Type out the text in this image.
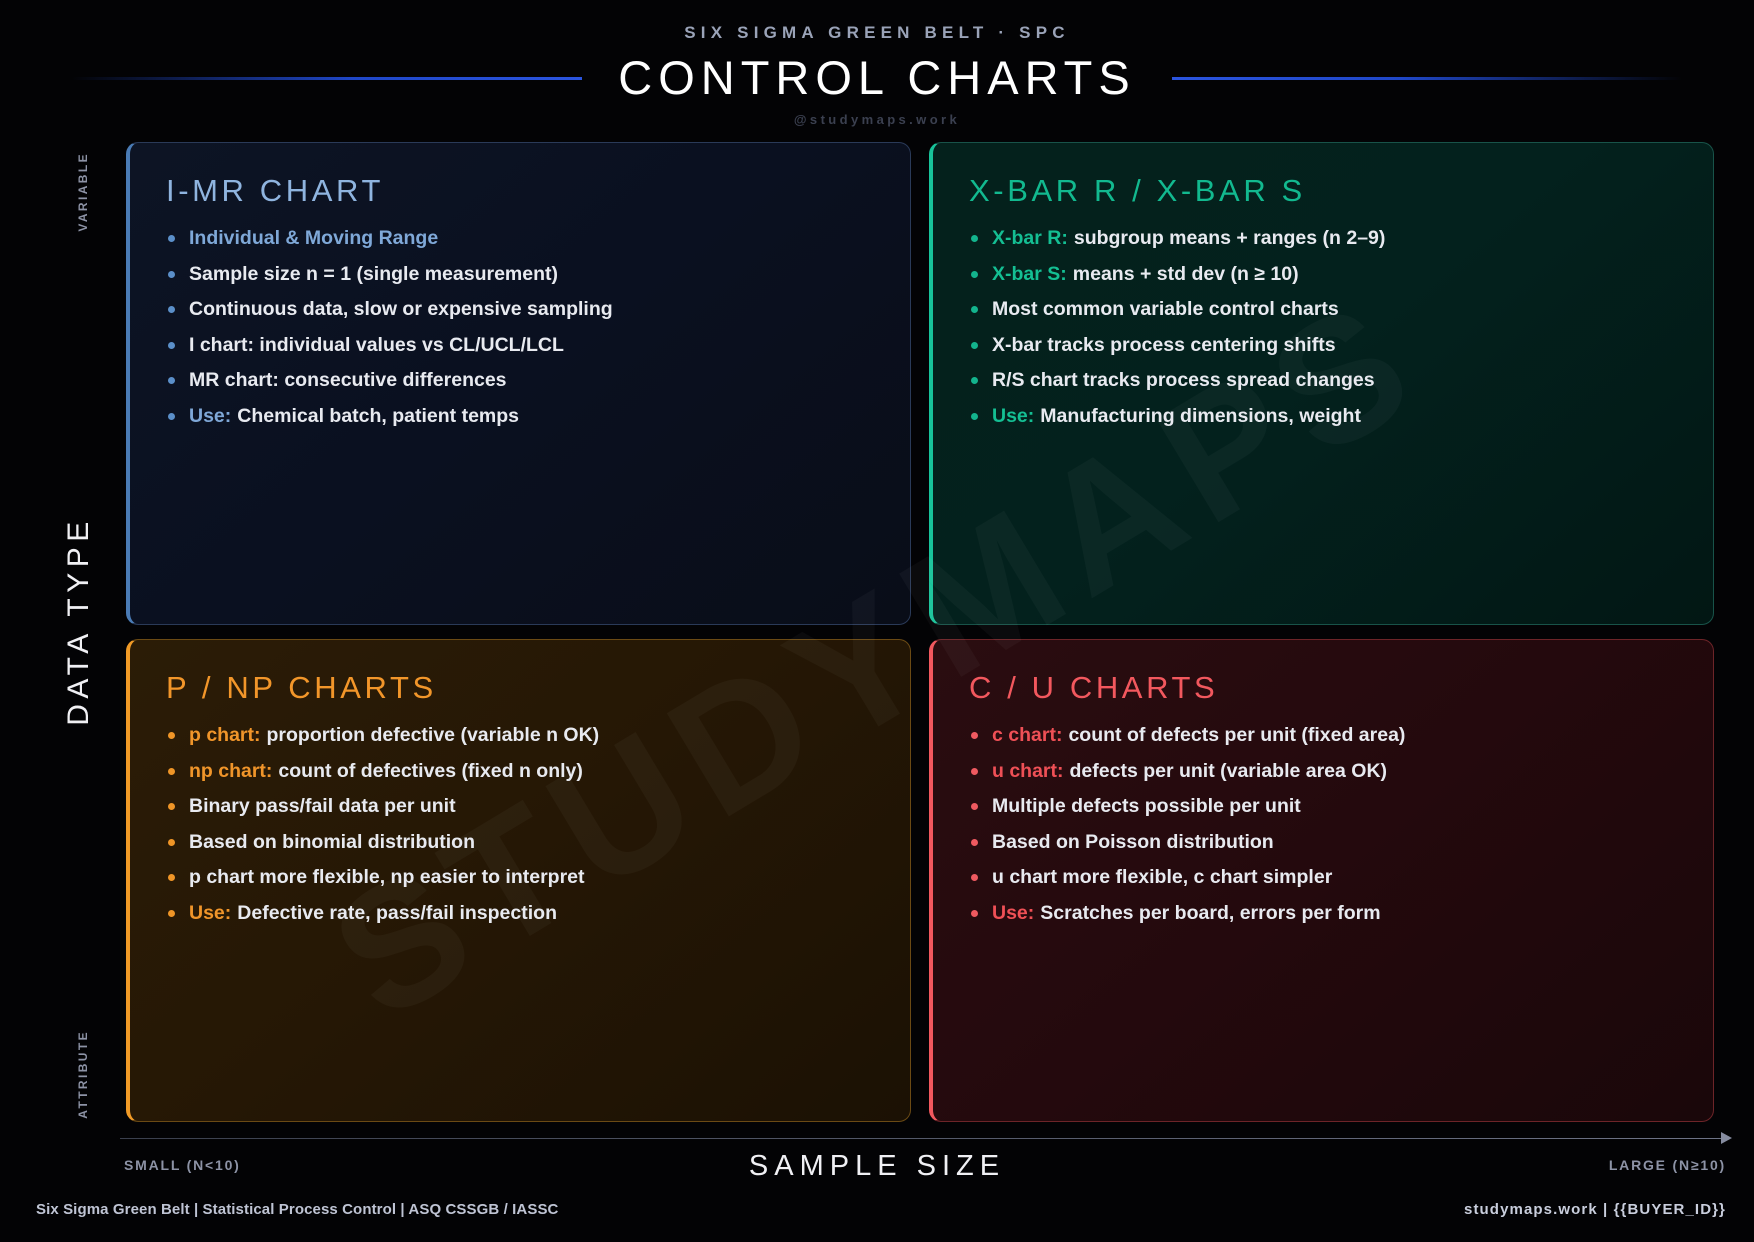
SIX SIGMA GREEN BELT · SPC
CONTROL CHARTS
@studymaps.work
DATA TYPE
VARIABLE
ATTRIBUTE
I-MR CHART
Individual & Moving Range
Sample size n = 1 (single measurement)
Continuous data, slow or expensive sampling
I chart: individual values vs CL/UCL/LCL
MR chart: consecutive differences
Use: Chemical batch, patient temps
X-BAR R / X-BAR S
X-bar R: subgroup means + ranges (n 2–9)
X-bar S: means + std dev (n ≥ 10)
Most common variable control charts
X-bar tracks process centering shifts
R/S chart tracks process spread changes
Use: Manufacturing dimensions, weight
P / NP CHARTS
p chart: proportion defective (variable n OK)
np chart: count of defectives (fixed n only)
Binary pass/fail data per unit
Based on binomial distribution
p chart more flexible, np easier to interpret
Use: Defective rate, pass/fail inspection
C / U CHARTS
c chart: count of defects per unit (fixed area)
u chart: defects per unit (variable area OK)
Multiple defects possible per unit
Based on Poisson distribution
u chart more flexible, c chart simpler
Use: Scratches per board, errors per form
SAMPLE SIZE
SMALL (N<10)	LARGE (N≥10)
Six Sigma Green Belt | Statistical Process Control | ASQ CSSGB / IASSC	studymaps.work | {{BUYER_ID}}
